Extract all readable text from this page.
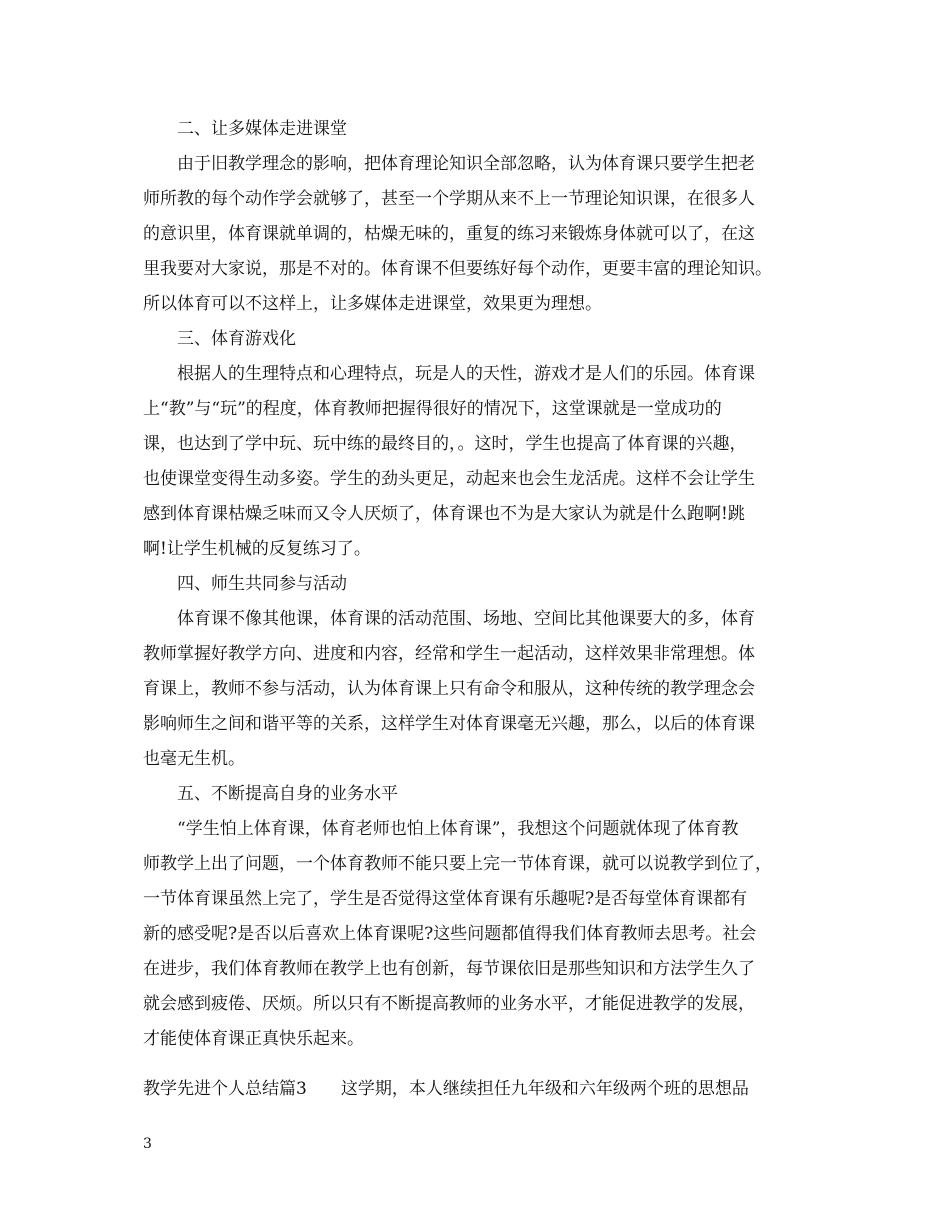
二、让多媒体走进课堂
由于旧教学理念的影响，把体育理论知识全部忽略，认为体育课只要学生把老
师所教的每个动作学会就够了，甚至一个学期从来不上一节理论知识课，在很多人
的意识里，体育课就单调的，枯燥无味的，重复的练习来锻炼身体就可以了，在这
里我要对大家说，那是不对的。体育课不但要练好每个动作，更要丰富的理论知识。
所以体育可以不这样上，让多媒体走进课堂，效果更为理想。
三、体育游戏化
根据人的生理特点和心理特点，玩是人的天性，游戏才是人们的乐园。体育课
上“教”与“玩”的程度，体育教师把握得很好的情况下，这堂课就是一堂成功的
课，也达到了学中玩、玩中练的最终目的，。这时，学生也提高了体育课的兴趣，
也使课堂变得生动多姿。学生的劲头更足，动起来也会生龙活虎。这样不会让学生
感到体育课枯燥乏味而又令人厌烦了，体育课也不为是大家认为就是什么跑啊!跳
啊!让学生机械的反复练习了。
四、师生共同参与活动
体育课不像其他课，体育课的活动范围、场地、空间比其他课要大的多，体育
教师掌握好教学方向、进度和内容，经常和学生一起活动，这样效果非常理想。体
育课上，教师不参与活动，认为体育课上只有命令和服从，这种传统的教学理念会
影响师生之间和谐平等的关系，这样学生对体育课毫无兴趣，那么，以后的体育课
也毫无生机。
五、不断提高自身的业务水平
“学生怕上体育课，体育老师也怕上体育课”，我想这个问题就体现了体育教
师教学上出了问题，一个体育教师不能只要上完一节体育课，就可以说教学到位了，
一节体育课虽然上完了，学生是否觉得这堂体育课有乐趣呢?是否每堂体育课都有
新的感受呢?是否以后喜欢上体育课呢?这些问题都值得我们体育教师去思考。社会
在进步，我们体育教师在教学上也有创新，每节课依旧是那些知识和方法学生久了
就会感到疲倦、厌烦。所以只有不断提高教师的业务水平，才能促进教学的发展，
才能使体育课正真快乐起来。
教学先进个人总结篇3　　这学期，本人继续担任九年级和六年级两个班的思想品
3
